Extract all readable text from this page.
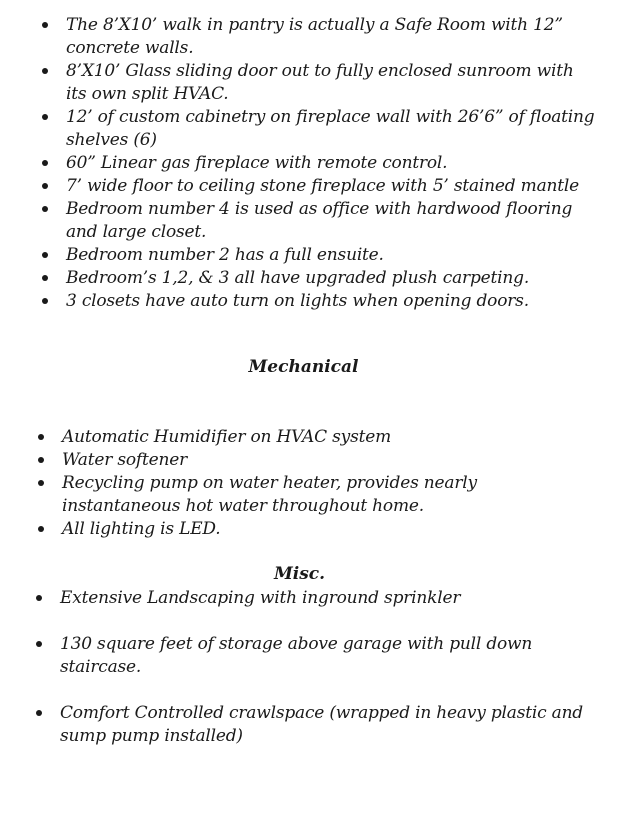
The 8’X10’ walk in pantry is actually a Safe Room with 12” concrete walls.
8’X10’ Glass sliding door out to fully enclosed sunroom with its own split HVAC.
12’ of custom cabinetry on fireplace wall with 26’6” of floating shelves (6)
60” Linear gas fireplace with remote control.
7’ wide floor to ceiling stone fireplace with 5’ stained mantle
Bedroom number 4 is used as office with hardwood flooring and large closet.
Bedroom number 2 has a full ensuite.
Bedroom’s 1,2, & 3 all have upgraded plush carpeting.
3 closets have auto turn on lights when opening doors.
Mechanical
Automatic Humidifier on HVAC system
Water softener
Recycling pump on water heater, provides nearly instantaneous hot water throughout home.
All lighting is LED.
Misc.
Extensive Landscaping with inground sprinkler
130 square feet of storage above garage with pull down staircase.
Comfort Controlled crawlspace (wrapped in heavy plastic and sump pump installed)
